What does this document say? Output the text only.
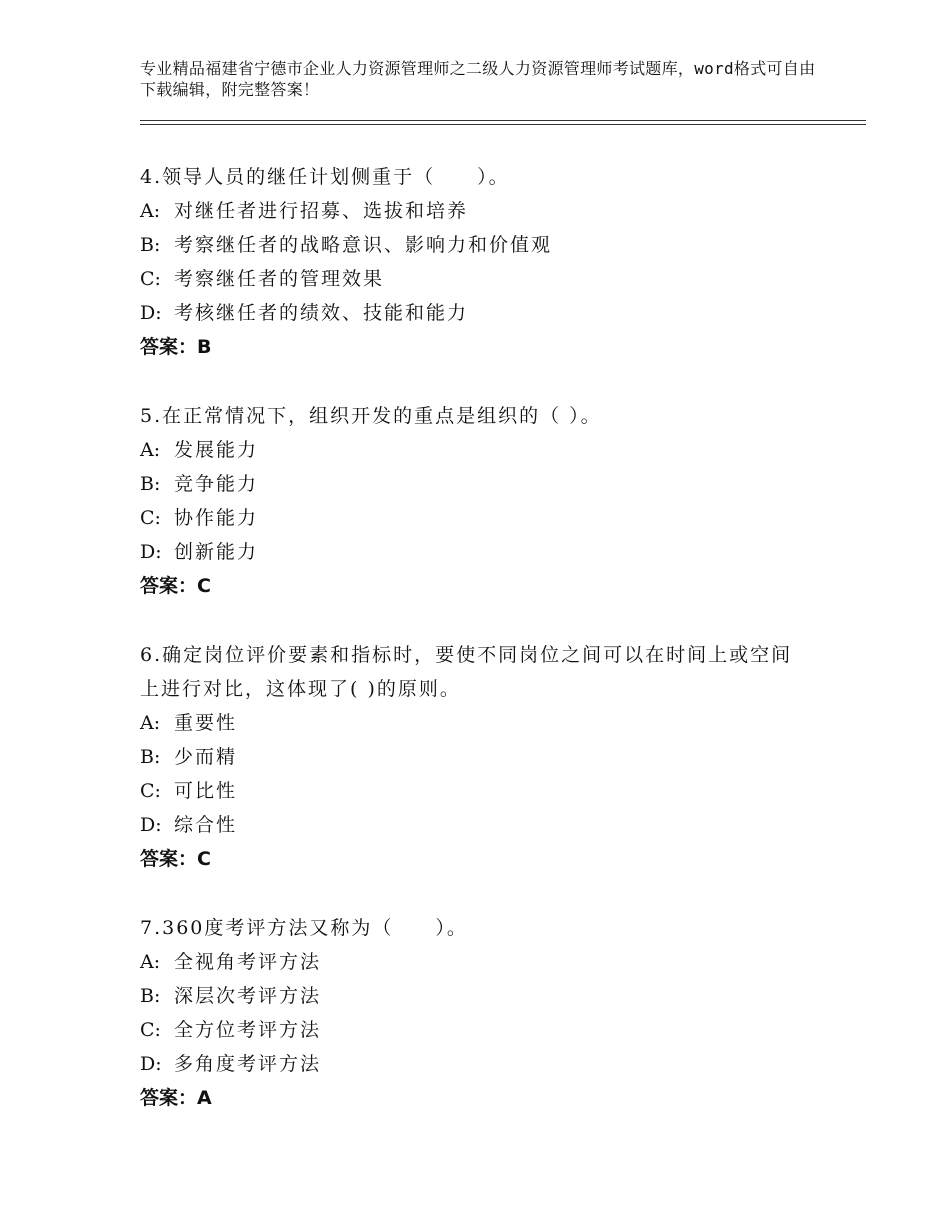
专业精品福建省宁德市企业人力资源管理师之二级人力资源管理师考试题库，word格式可自由下载编辑，附完整答案！

4.领导人员的继任计划侧重于（　　）。

A: 对继任者进行招募、选拔和培养

B: 考察继任者的战略意识、影响力和价值观

C: 考察继任者的管理效果

D: 考核继任者的绩效、技能和能力

答案：B

5.在正常情况下，组织开发的重点是组织的（ ）。

A: 发展能力

B: 竞争能力

C: 协作能力

D: 创新能力

答案：C

6.确定岗位评价要素和指标时，要使不同岗位之间可以在时间上或空间上进行对比，这体现了( )的原则。

A: 重要性

B: 少而精

C: 可比性

D: 综合性

答案：C

7.360度考评方法又称为（　　）。

A: 全视角考评方法

B: 深层次考评方法

C: 全方位考评方法

D: 多角度考评方法

答案：A
